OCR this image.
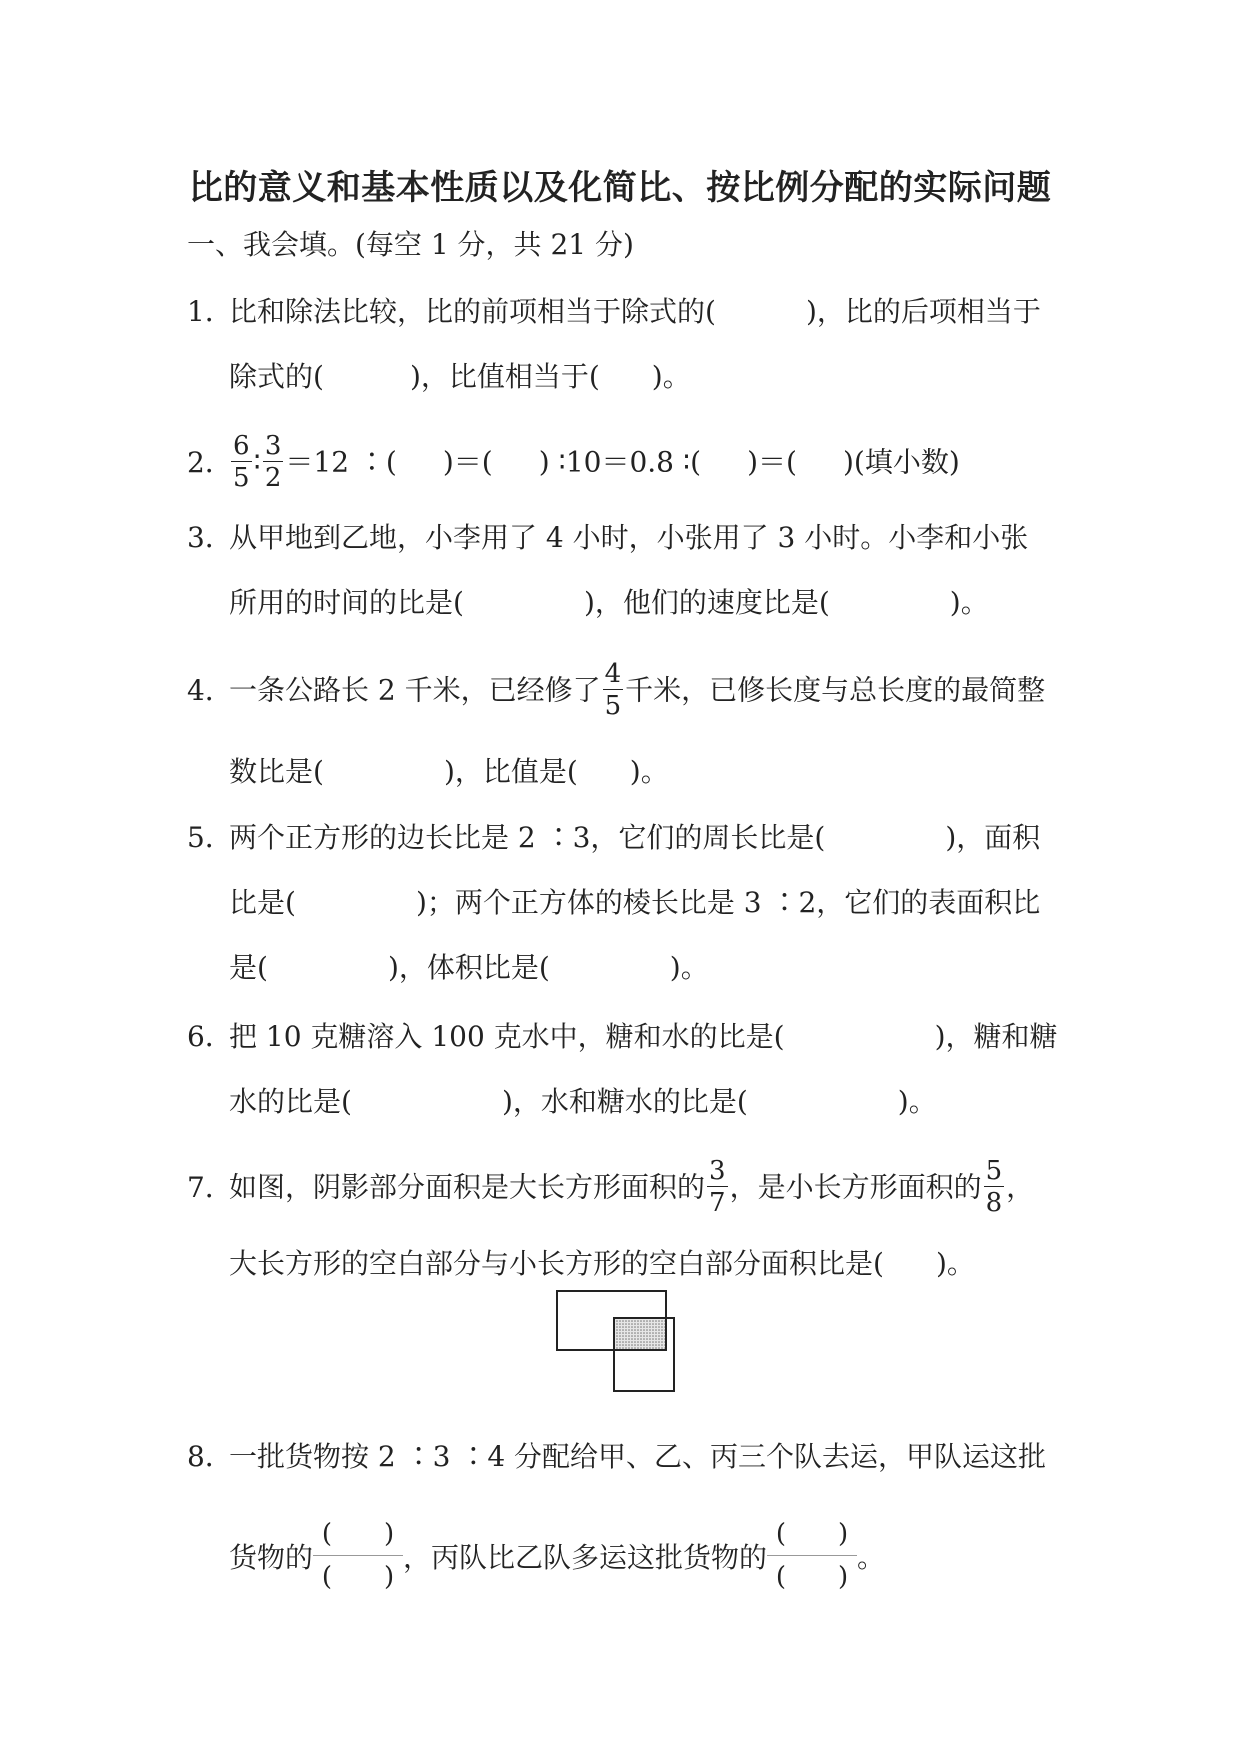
比的意义和基本性质以及化简比、按比例分配的实际问题
一、我会填。(每空 1 分，共 21 分)
1．比和除法比较，比的前项相当于除式的(	)，比的后项相当于
除式的(	)，比值相当于( )。
2．
$\frac{6}{5}$ ∶ $\frac{3}{2} =12$ ∶( )＝( ) ∶10＝0.8 ∶( )＝( )(填小数)
3．从甲地到乙地，小李用了 4 小时，小张用了 3 小时。小李和小张
所用的时间的比是(	)，他们的速度比是(	)。
4．一条公路长 2 千米，已经修了 $\frac{4}{5}$ 千米，已修长度与总长度的最简整
数比是(	)，比值是( )。
5．两个正方形的边长比是 2 ∶3，它们的周长比是(	)，面积
比是(	)；两个正方体的棱长比是 3 ∶2，它们的表面积比
是(	)，体积比是(	)。
6．把 10 克糖溶入 100 克水中，糖和水的比是(	)，糖和糖
水的比是(	)，水和糖水的比是(	)。
7．如图，阴影部分面积是大长方形面积的 $\frac{3}{7}$ ，是小长方形面积的 $\frac{5}{8}$ ，
大长方形的空白部分与小长方形的空白部分面积比是( )。
8．一批货物按 2 ∶3 ∶4 分配给甲、乙、丙三个队去运，甲队运这批
货物的
(　　)
(　　)
，丙队比乙队多运这批货物的
(　　)
(　　)
。
